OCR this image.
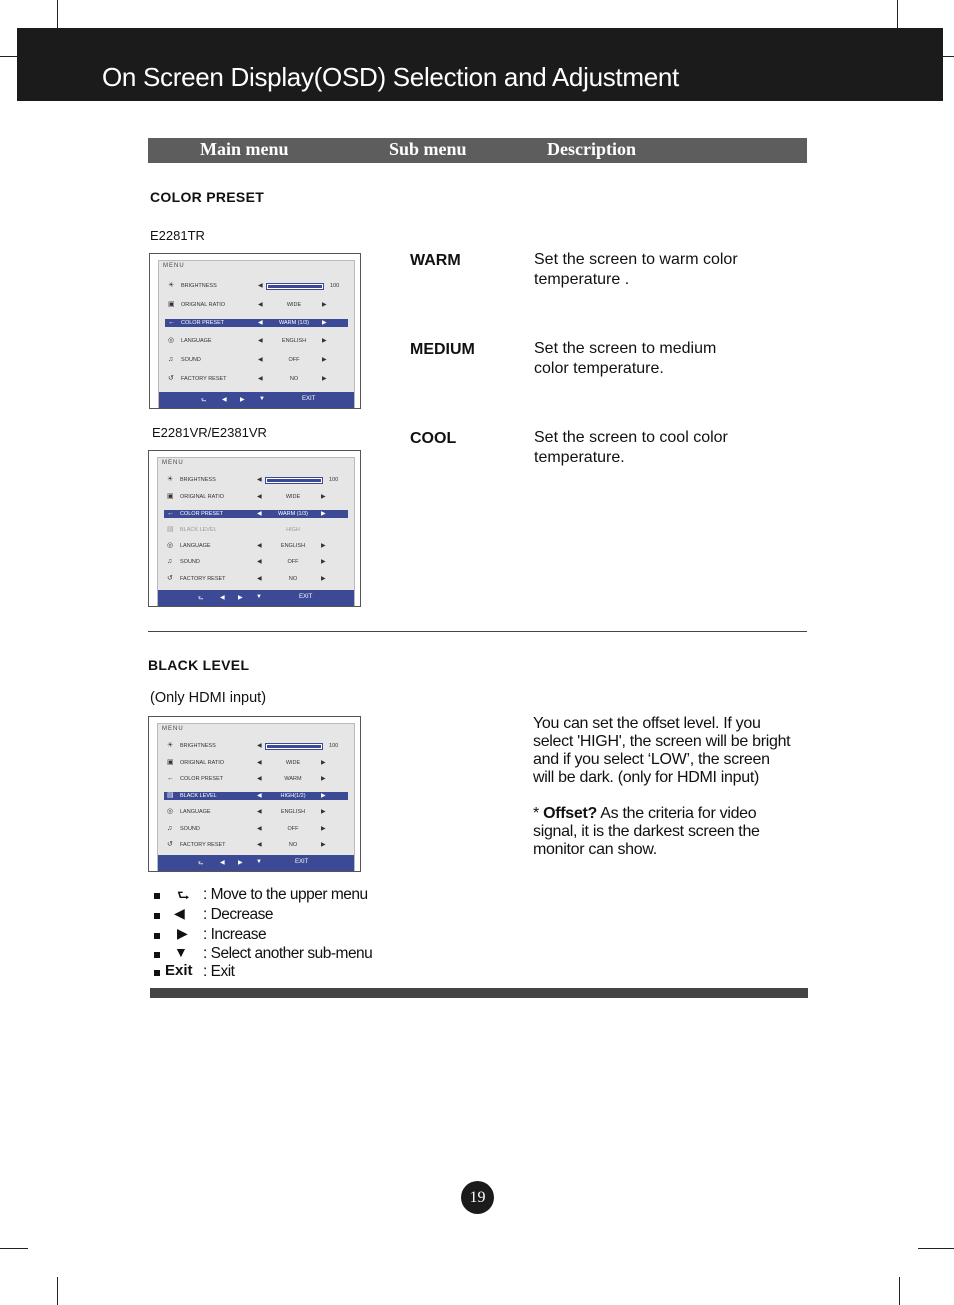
On Screen Display(OSD) Selection and Adjustment
Main menu	Sub menu	Description
COLOR PRESET
E2281TR
E2281VR/E2381VR
WARM	Set the screen to warm color
temperature .
MEDIUM	Set the screen to medium
color temperature.
COOL	Set the screen to cool color
temperature.
MENU
☀ BRIGHTNESS	◀	100
▣ ORIGINAL RATIO	◀	WIDE	▶
← COLOR PRESET	◀	WARM (1/3)	▶
◎ LANGUAGE	◀	ENGLISH	▶
♫ SOUND	◀	OFF	▶
↺ FACTORY RESET	◀	NO	▶
⮑	◀ ▶ ▼	EXIT
MENU
☀ BRIGHTNESS	◀	100
▣ ORIGINAL RATIO	◀	WIDE	▶
← COLOR PRESET	◀	WARM (1/3)	▶
▤ BLACK LEVEL	HIGH
◎ LANGUAGE	◀	ENGLISH	▶
♫ SOUND	◀	OFF	▶
↺ FACTORY RESET	◀	NO	▶
⮑	◀ ▶ ▼	EXIT
BLACK LEVEL
(Only HDMI input)
You can set the offset level. If you
select 'HIGH', the screen will be bright
and if you select ‘LOW’, the screen
will be dark. (only for HDMI input)
* Offset? As the criteria for video
signal, it is the darkest screen the
monitor can show.
MENU
☀ BRIGHTNESS	◀	100
▣ ORIGINAL RATIO	◀	WIDE	▶
← COLOR PRESET	◀	WARM	▶
▤ BLACK LEVEL	◀	HIGH(1/2)	▶
◎ LANGUAGE	◀	ENGLISH	▶
♫ SOUND	◀	OFF	▶
↺ FACTORY RESET	◀	NO	▶
⮑	◀ ▶ ▼	EXIT
⮑ : Move to the upper menu
◀ : Decrease
▶ : Increase
▼ : Select another sub-menu
Exit : Exit
19
